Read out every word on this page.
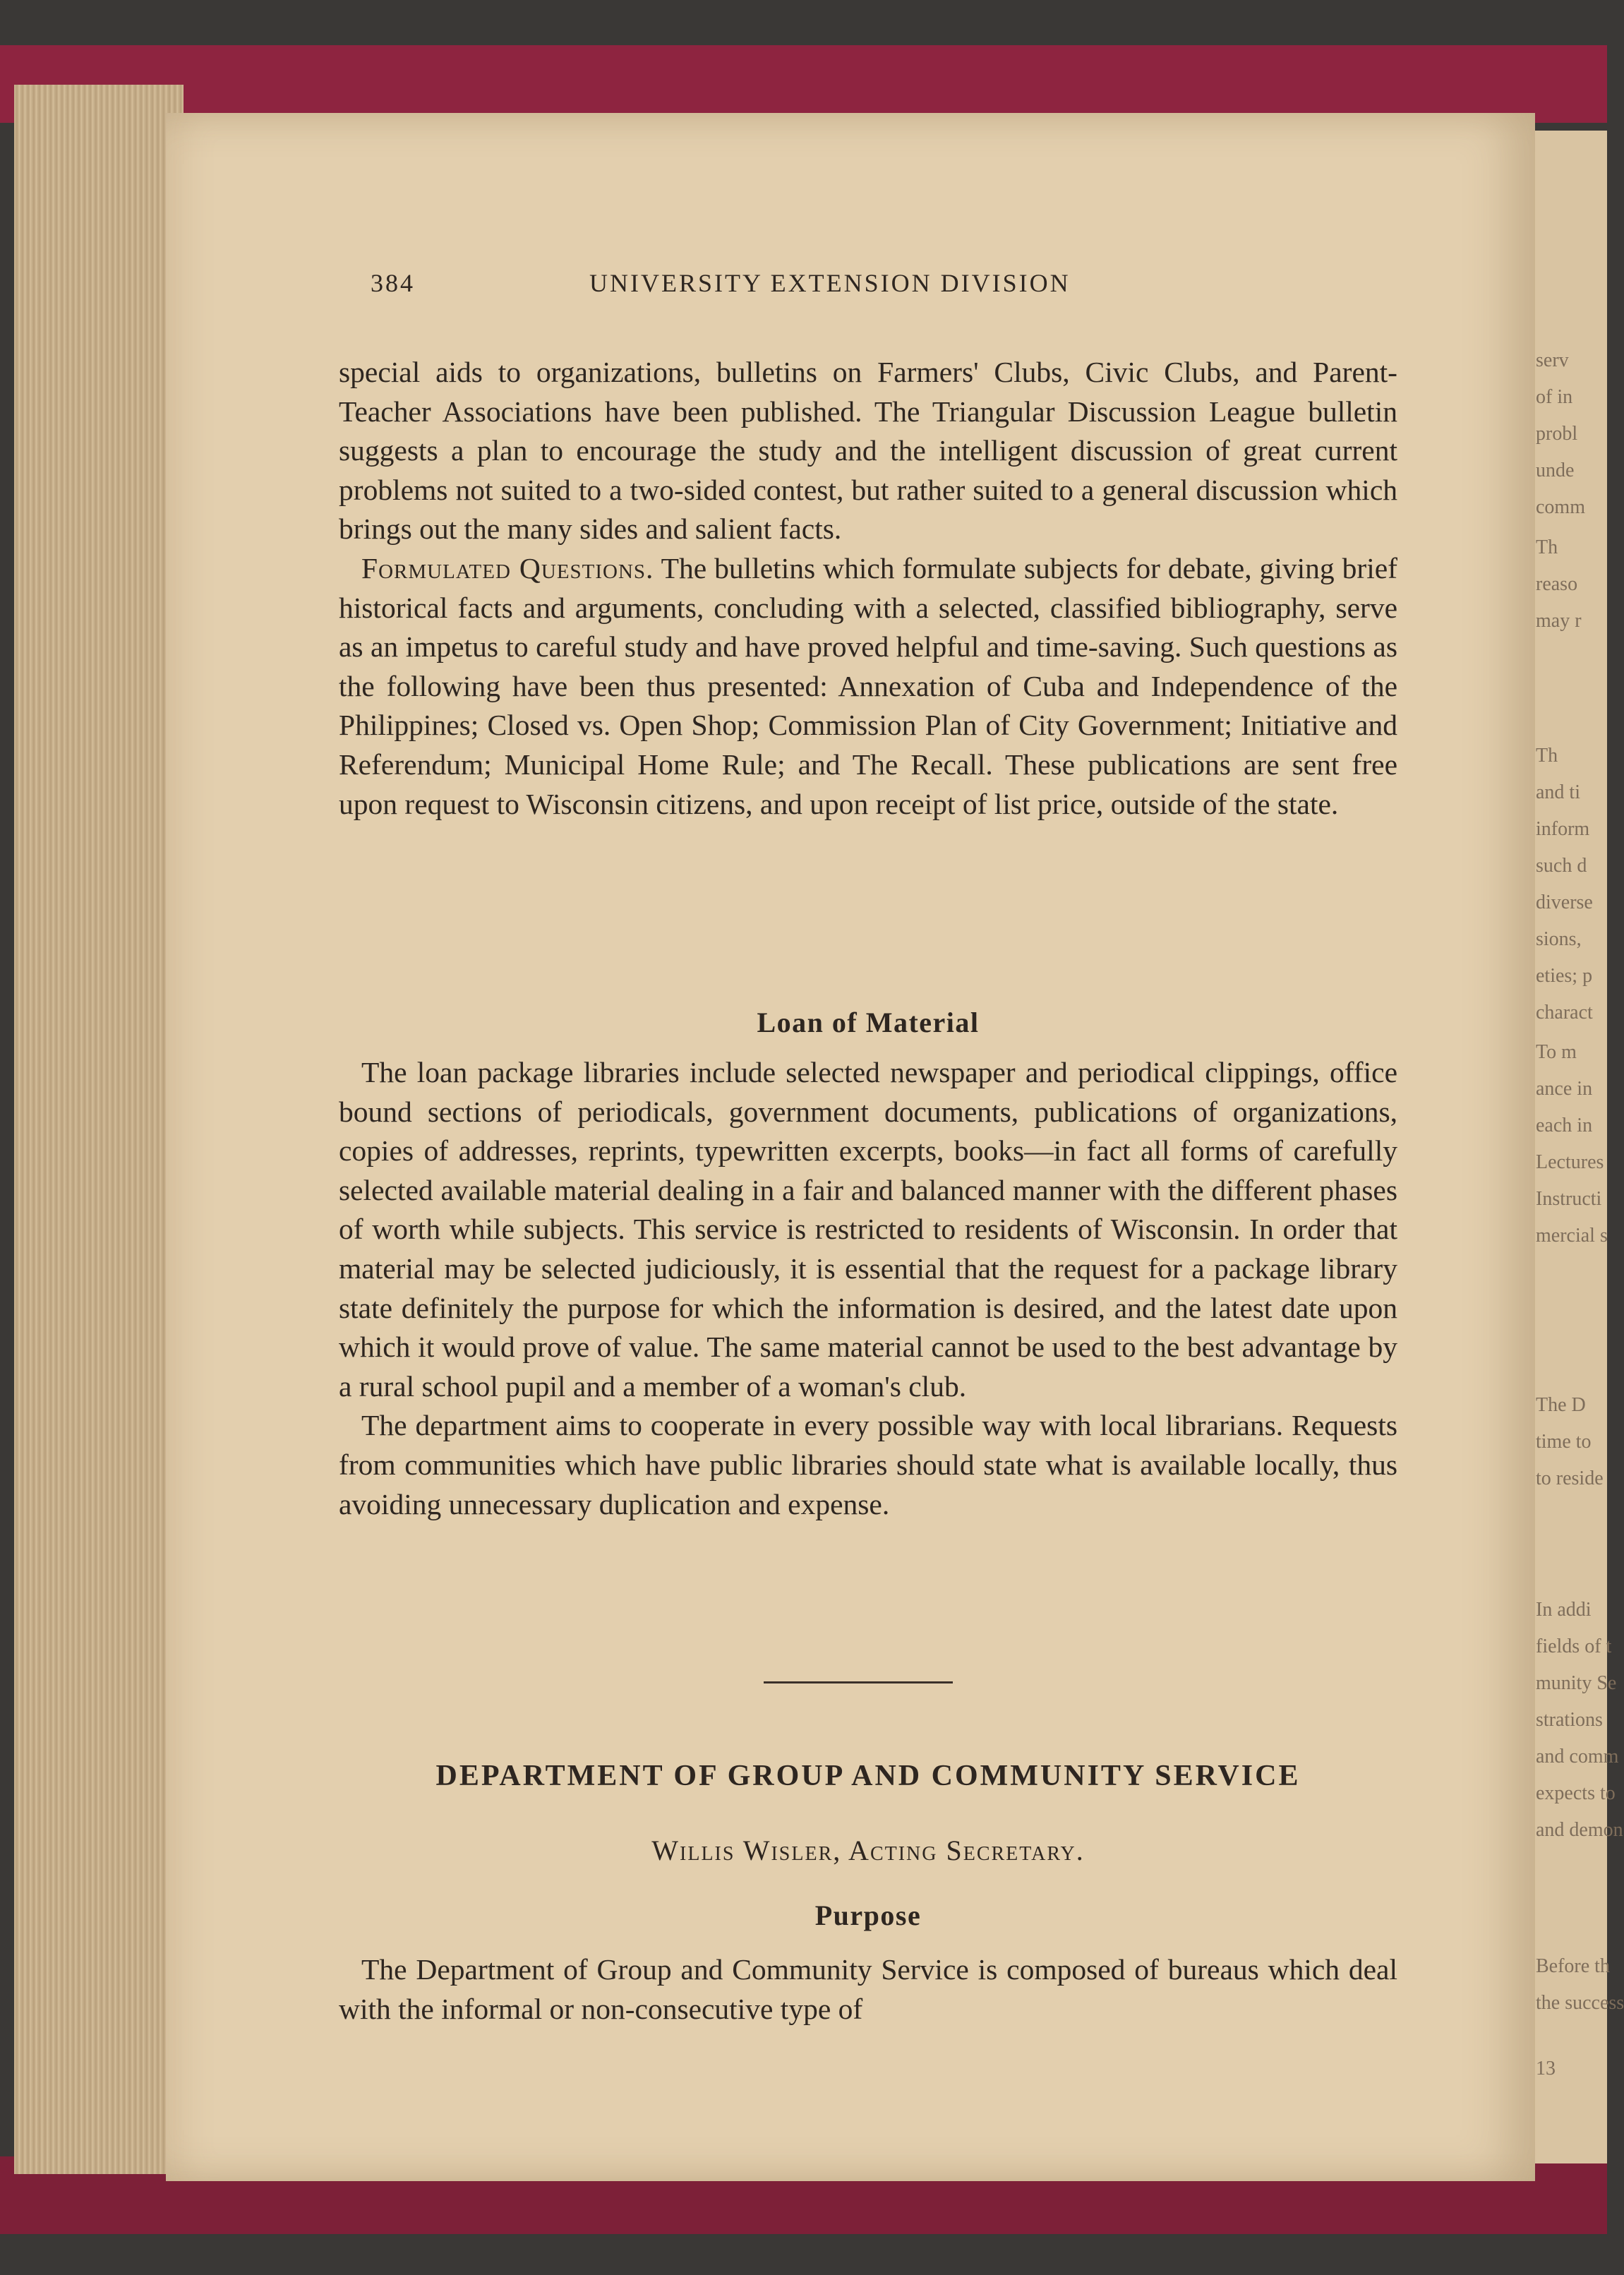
serv
of in
probl
unde
comm
Th
reaso
may r
Th
and ti
inform
such d
diverse
sions,
eties; p
charact
To m
ance in
each in
Lectures
Instructi
mercial s
The D
time to
to reside
In addi
fields of t
munity Se
strations
and comm
expects to
and demon
Before th
the success
13
384	UNIVERSITY EXTENSION DIVISION

special aids to organizations, bulletins on Farmers' Clubs, Civic Clubs, and Parent-Teacher Associations have been published. The Triangular Discussion League bulletin suggests a plan to encourage the study and the intelligent discussion of great current problems not suited to a two-sided contest, but rather suited to a general discussion which brings out the many sides and salient facts.

Formulated Questions. The bulletins which formulate subjects for debate, giving brief historical facts and arguments, concluding with a selected, classified bibliography, serve as an impetus to careful study and have proved helpful and time-saving. Such questions as the following have been thus presented: Annexation of Cuba and Independence of the Philippines; Closed vs. Open Shop; Commission Plan of City Government; Initiative and Referendum; Municipal Home Rule; and The Recall. These publications are sent free upon request to Wisconsin citizens, and upon receipt of list price, outside of the state.

Loan of Material

The loan package libraries include selected newspaper and periodical clippings, office bound sections of periodicals, government documents, publications of organizations, copies of addresses, reprints, typewritten excerpts, books—in fact all forms of carefully selected available material dealing in a fair and balanced manner with the different phases of worth while subjects. This service is restricted to residents of Wisconsin. In order that material may be selected judiciously, it is essential that the request for a package library state definitely the purpose for which the information is desired, and the latest date upon which it would prove of value. The same material cannot be used to the best advantage by a rural school pupil and a member of a woman's club.

The department aims to cooperate in every possible way with local librarians. Requests from communities which have public libraries should state what is available locally, thus avoiding unnecessary duplication and expense.

DEPARTMENT OF GROUP AND COMMUNITY SERVICE
Willis Wisler, Acting Secretary.
Purpose

The Department of Group and Community Service is composed of bureaus which deal with the informal or non-consecutive type of
